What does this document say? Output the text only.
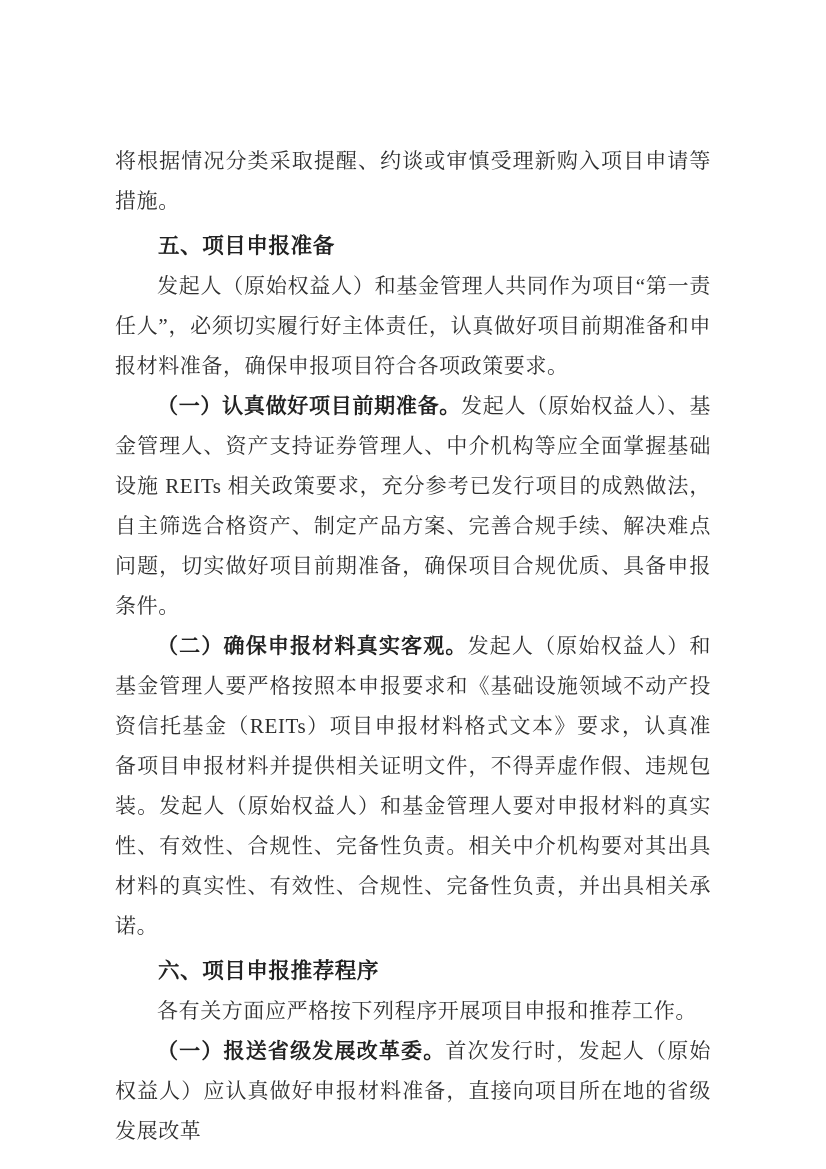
将根据情况分类采取提醒、约谈或审慎受理新购入项目申请等措施。

五、项目申报准备

发起人（原始权益人）和基金管理人共同作为项目“第一责任人”，必须切实履行好主体责任，认真做好项目前期准备和申报材料准备，确保申报项目符合各项政策要求。

（一）认真做好项目前期准备。发起人（原始权益人）、基金管理人、资产支持证券管理人、中介机构等应全面掌握基础设施 REITs 相关政策要求，充分参考已发行项目的成熟做法，自主筛选合格资产、制定产品方案、完善合规手续、解决难点问题，切实做好项目前期准备，确保项目合规优质、具备申报条件。

（二）确保申报材料真实客观。发起人（原始权益人）和基金管理人要严格按照本申报要求和《基础设施领域不动产投资信托基金（REITs）项目申报材料格式文本》要求，认真准备项目申报材料并提供相关证明文件，不得弄虚作假、违规包装。发起人（原始权益人）和基金管理人要对申报材料的真实性、有效性、合规性、完备性负责。相关中介机构要对其出具材料的真实性、有效性、合规性、完备性负责，并出具相关承诺。

六、项目申报推荐程序

各有关方面应严格按下列程序开展项目申报和推荐工作。

（一）报送省级发展改革委。首次发行时，发起人（原始权益人）应认真做好申报材料准备，直接向项目所在地的省级发展改革
